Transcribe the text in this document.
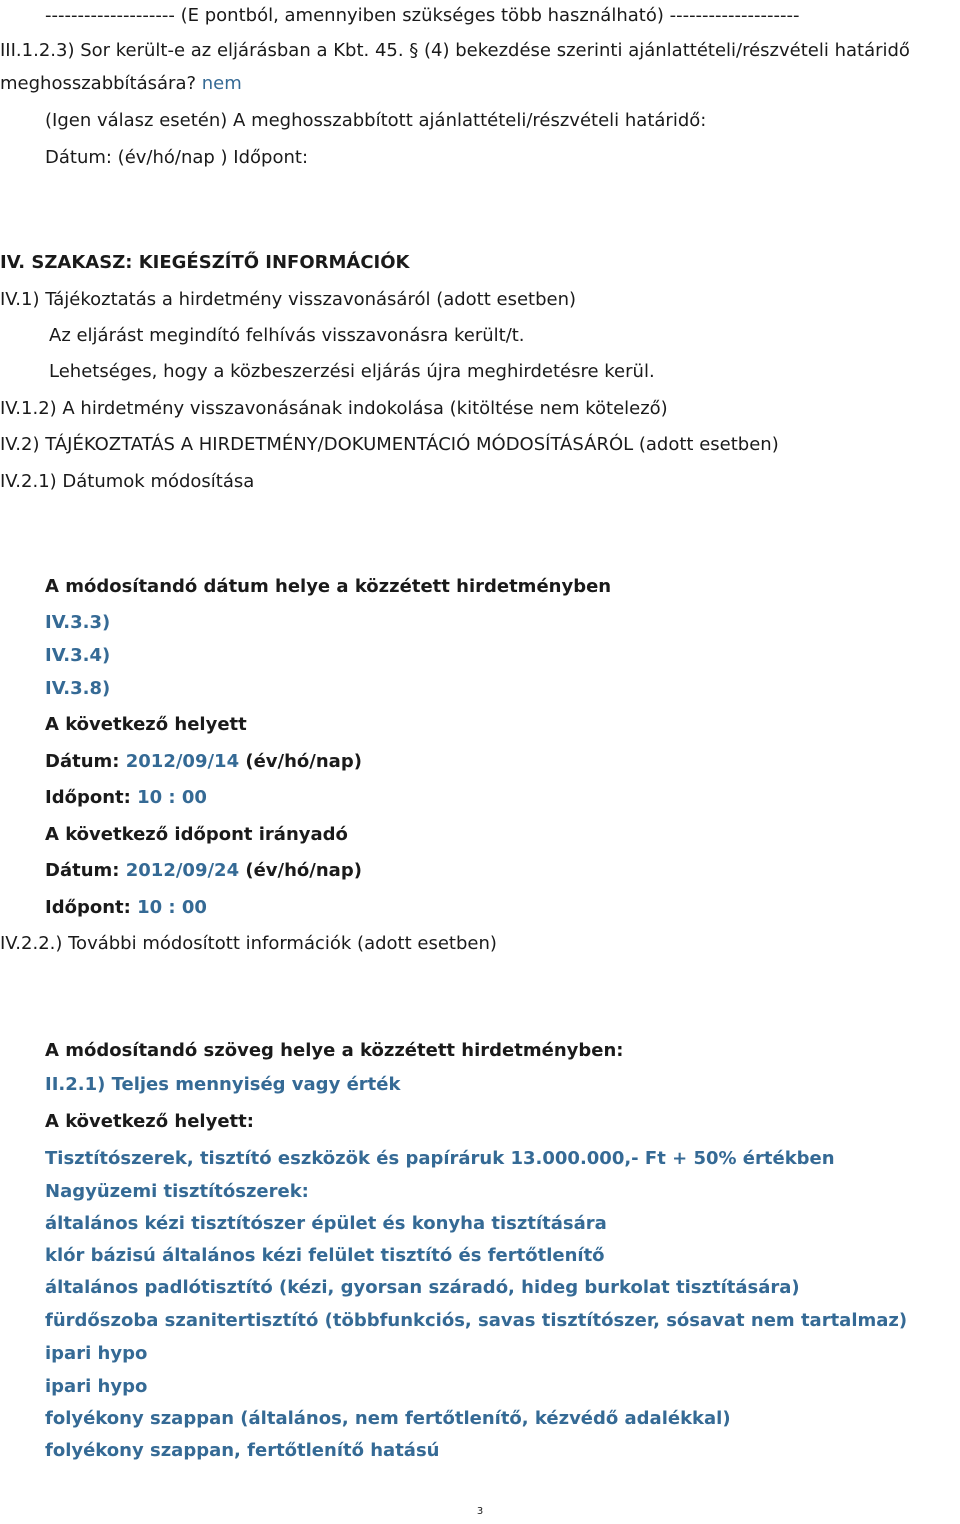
-------------------- (E pontból, amennyiben szükséges több használható) --------------------
III.1.2.3) Sor került-e az eljárásban a Kbt. 45. § (4) bekezdése szerinti ajánlattételi/részvételi határidő
meghosszabbítására? nem
(Igen válasz esetén) A meghosszabbított ajánlattételi/részvételi határidő:
Dátum: (év/hó/nap ) Időpont:
IV. SZAKASZ: KIEGÉSZÍTŐ INFORMÁCIÓK
IV.1) Tájékoztatás a hirdetmény visszavonásáról (adott esetben)
Az eljárást megindító felhívás visszavonásra került/t.
Lehetséges, hogy a közbeszerzési eljárás újra meghirdetésre kerül.
IV.1.2) A hirdetmény visszavonásának indokolása (kitöltése nem kötelező)
IV.2) TÁJÉKOZTATÁS A HIRDETMÉNY/DOKUMENTÁCIÓ MÓDOSÍTÁSÁRÓL (adott esetben)
IV.2.1) Dátumok módosítása
A módosítandó dátum helye a közzétett hirdetményben
IV.3.3)
IV.3.4)
IV.3.8)
A következő helyett
Dátum: 2012/09/14 (év/hó/nap)
Időpont: 10 : 00
A következő időpont irányadó
Dátum: 2012/09/24 (év/hó/nap)
Időpont: 10 : 00
IV.2.2.) További módosított információk (adott esetben)
A módosítandó szöveg helye a közzétett hirdetményben:
II.2.1) Teljes mennyiség vagy érték
A következő helyett:
Tisztítószerek, tisztító eszközök és papíráruk 13.000.000,- Ft + 50% értékben
Nagyüzemi tisztítószerek:
általános kézi tisztítószer épület és konyha tisztítására
klór bázisú általános kézi felület tisztító és fertőtlenítő
általános padlótisztító (kézi, gyorsan száradó, hideg burkolat tisztítására)
fürdőszoba szanitertisztító (többfunkciós, savas tisztítószer, sósavat nem tartalmaz)
ipari hypo
ipari hypo
folyékony szappan (általános, nem fertőtlenítő, kézvédő adalékkal)
folyékony szappan, fertőtlenítő hatású
3
